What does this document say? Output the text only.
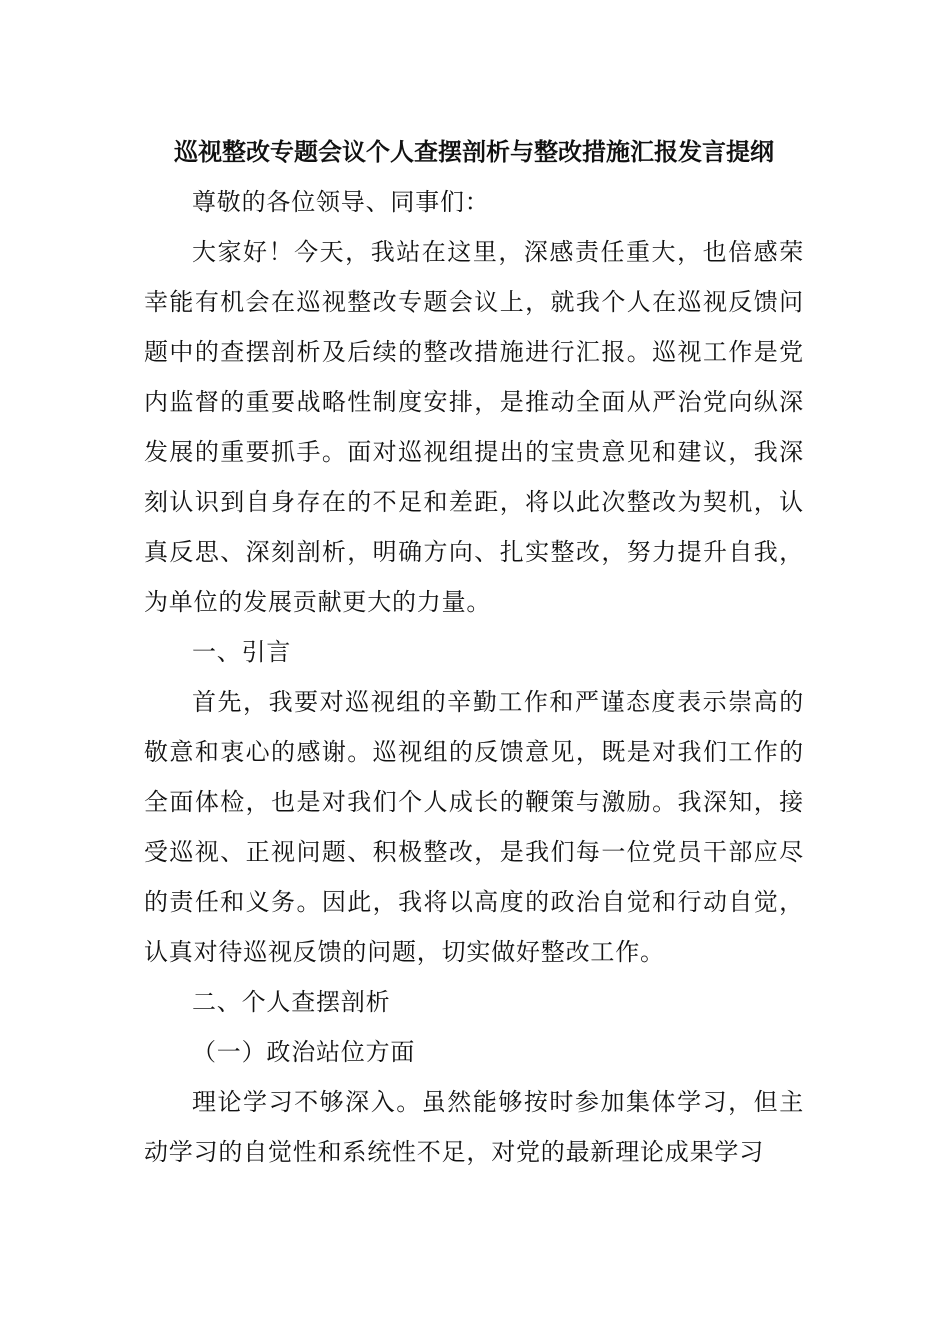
巡视整改专题会议个人查摆剖析与整改措施汇报发言提纲

尊敬的各位领导、同事们：

大家好！今天，我站在这里，深感责任重大，也倍感荣幸能有机会在巡视整改专题会议上，就我个人在巡视反馈问题中的查摆剖析及后续的整改措施进行汇报。巡视工作是党内监督的重要战略性制度安排，是推动全面从严治党向纵深发展的重要抓手。面对巡视组提出的宝贵意见和建议，我深刻认识到自身存在的不足和差距，将以此次整改为契机，认真反思、深刻剖析，明确方向、扎实整改，努力提升自我，为单位的发展贡献更大的力量。

一、引言

首先，我要对巡视组的辛勤工作和严谨态度表示崇高的敬意和衷心的感谢。巡视组的反馈意见，既是对我们工作的全面体检，也是对我们个人成长的鞭策与激励。我深知，接受巡视、正视问题、积极整改，是我们每一位党员干部应尽的责任和义务。因此，我将以高度的政治自觉和行动自觉，认真对待巡视反馈的问题，切实做好整改工作。

二、个人查摆剖析

（一）政治站位方面

理论学习不够深入。虽然能够按时参加集体学习，但主动学习的自觉性和系统性不足，对党的最新理论成果学习
